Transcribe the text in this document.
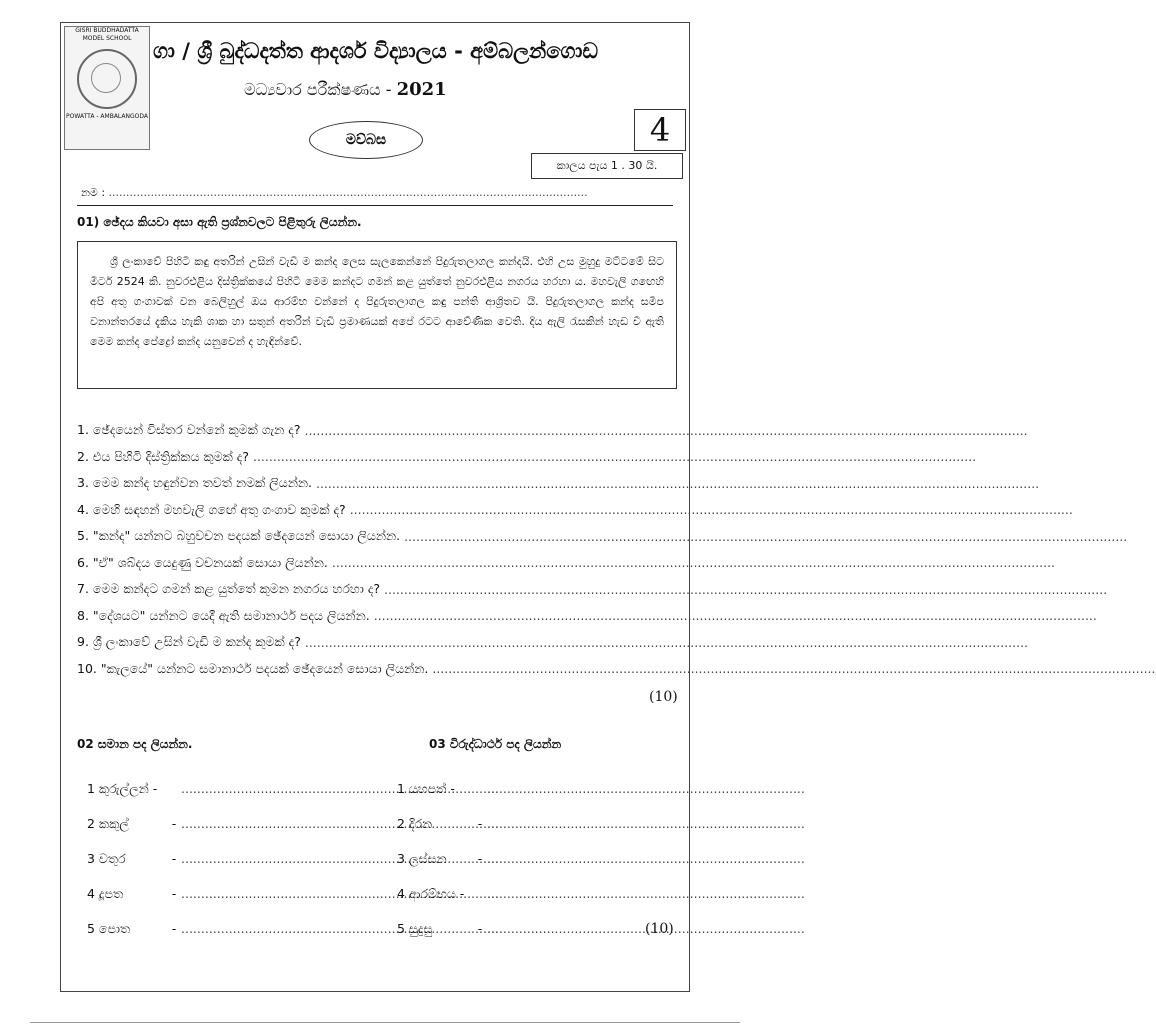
GISRI BUDDHADATTA
MODEL SCHOOL
POWATTA - AMBALANGODA
ගා / ශ්‍රී බුද්ධදත්ත ආදර්ශ විද්‍යාලය - අම්බලන්ගොඩ
මධ්‍යවාර පරීක්ෂණය - 2021
මව්බස	4
කාලය පැය 1 . 30 යි.
නම : .........................................................................................................................................
01) ඡේදය කියවා අසා ඇති ප්‍රශ්නවලට පිළිතුරු ලියන්න.
ශ්‍රී ලංකාවේ පිහිටි කඳු අතරින් උසින් වැඩි ම කන්ද ලෙස සැලකෙන්නේ පිදුරුතලාගල කන්දයි. එහි උස මුහුදු මට්ටමේ සිට මීටර් 2524 කි. නුවරඑළිය දිස්ත්‍රික්කයේ පිහිටි මෙම කන්දට ගමන් කළ යුත්තේ නුවරඑළිය නගරය හරහා ය. මහවැලි ගඟෙහි අපි අතු ගංගාවක් වන බෙලිහුල් ඔය ආරම්භ වන්නේ ද පිදුරුතලාගල කඳු පන්ති ආශ්‍රිතව යි. පිදුරුතලාගල කන්ද සමීප වනාන්තරයේ දැකිය හැකි ශාක හා සතුන් අතරින් වැඩි ප්‍රමාණයක් අපේ රටට ආවේණික වෙති. දිය ඇලි රැසකින් හැඩ වී ඇති මෙම කන්ද පේද්‍රෝ කන්ද යනුවෙන් ද හැඳින්වේ.
1. ඡේදයෙන් විස්තර වන්නේ කුමක් ගැන ද?
.....
2. එය පිහිටි දිස්ත්‍රික්කය කුමක් ද?
.....
3. මෙම කන්ද හඳුන්වන තවත් නමක් ලියන්න.
.....
4. මෙහි සඳහන් මහවැලි ගඟේ අතු ගංගාව කුමක් ද?
.....
5. "කන්ද" යන්නට බහුවචන පදයක් ඡේදයෙන් සොයා ලියන්න.
.....
6. "ඒ" ශබ්දය යෙදුණු වචනයක් සොයා ලියන්න.
.....
7. මෙම කන්දට ගමන් කළ යුත්තේ කුමන නගරය හරහා ද?
.....
8. "දේශයට" යන්නට යෙදී ඇති සමානාර්ථ පදය ලියන්න.
.....
9. ශ්‍රී ලංකාවේ උසින් වැඩි ම කන්ද කුමක් ද?
.....
10. "කැලයේ" යන්නට සමානාර්ථ පදයක් ඡේදයෙන් සොයා ලියන්න.
.....
(10)
02 සමාන පද ලියන්න.	03 විරුද්ධාර්ථ පද ලියන්න
1 කුරුල්ලන් -
.....
2 කකුල්	-
.....
3 වතුර	-
.....
4 දූපත	-
.....
5 පොත	-
.....
1 යහපත් -
.....
2 දිරන	-
.....
3 ලස්සන	-
.....
4 ආරම්භය -
.....
5 සුදුසු	-
.....	(10)
